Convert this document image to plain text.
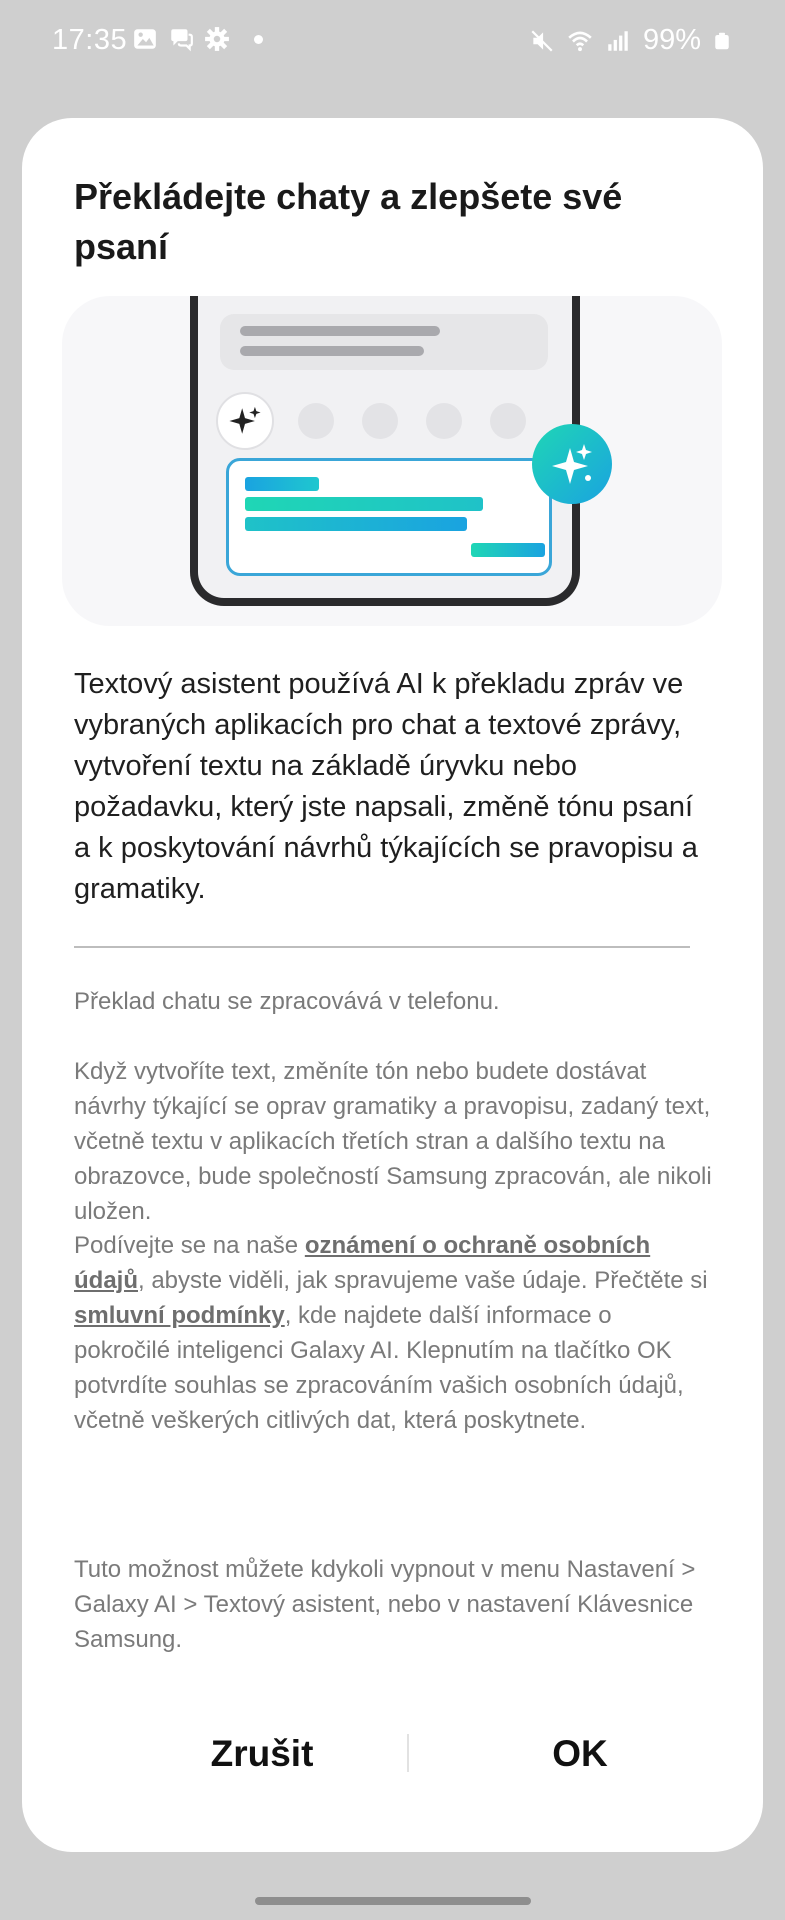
17:35	99%
Překládejte chaty a zlepšete své psaní

Textový asistent používá AI k překladu zpráv ve vybraných aplikacích pro chat a textové zprávy, vytvoření textu na základě úryvku nebo požadavku, který jste napsali, změně tónu psaní a k poskytování návrhů týkajících se pravopisu a gramatiky.

Překlad chatu se zpracovává v telefonu.

Když vytvoříte text, změníte tón nebo budete dostávat návrhy týkající se oprav gramatiky a pravopisu, zadaný text, včetně textu v aplikacích třetích stran a dalšího textu na obrazovce, bude společností Samsung zpracován, ale nikoli uložen.

Podívejte se na naše oznámení o ochraně osobních údajů, abyste viděli, jak spravujeme vaše údaje. Přečtěte si smluvní podmínky, kde najdete další informace o pokročilé inteligenci Galaxy AI. Klepnutím na tlačítko OK potvrdíte souhlas se zpracováním vašich osobních údajů, včetně veškerých citlivých dat, která poskytnete.

Tuto možnost můžete kdykoli vypnout v menu Nastavení > Galaxy AI > Textový asistent, nebo v nastavení Klávesnice Samsung.

Zrušit	OK
